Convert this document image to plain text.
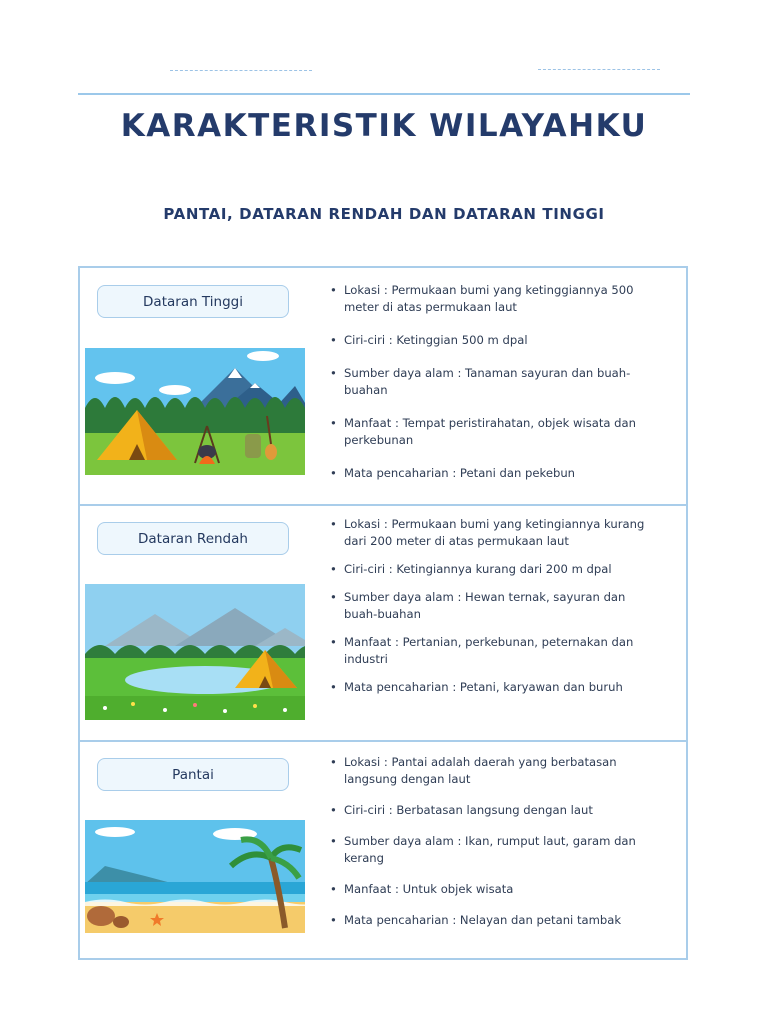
KARAKTERISTIK WILAYAHKU
PANTAI, DATARAN RENDAH DAN DATARAN TINGGI
Dataran Tinggi
• Lokasi : Permukaan bumi yang ketinggiannya 500 meter di atas permukaan laut
• Ciri-ciri : Ketinggian 500 m dpal
• Sumber daya alam : Tanaman sayuran dan buah-buahan
• Manfaat : Tempat peristirahatan, objek wisata dan perkebunan
• Mata pencaharian : Petani dan pekebun
Dataran Rendah
• Lokasi : Permukaan bumi yang ketingiannya kurang dari 200 meter di atas permukaan laut
• Ciri-ciri : Ketingiannya kurang dari 200 m dpal
• Sumber daya alam : Hewan ternak, sayuran dan buah-buahan
• Manfaat : Pertanian, perkebunan, peternakan dan industri
• Mata pencaharian : Petani, karyawan dan buruh
Pantai
• Lokasi : Pantai adalah daerah yang berbatasan langsung dengan laut
• Ciri-ciri : Berbatasan langsung dengan laut
• Sumber daya alam : Ikan, rumput laut, garam dan kerang
• Manfaat : Untuk objek wisata
• Mata pencaharian : Nelayan dan petani tambak
